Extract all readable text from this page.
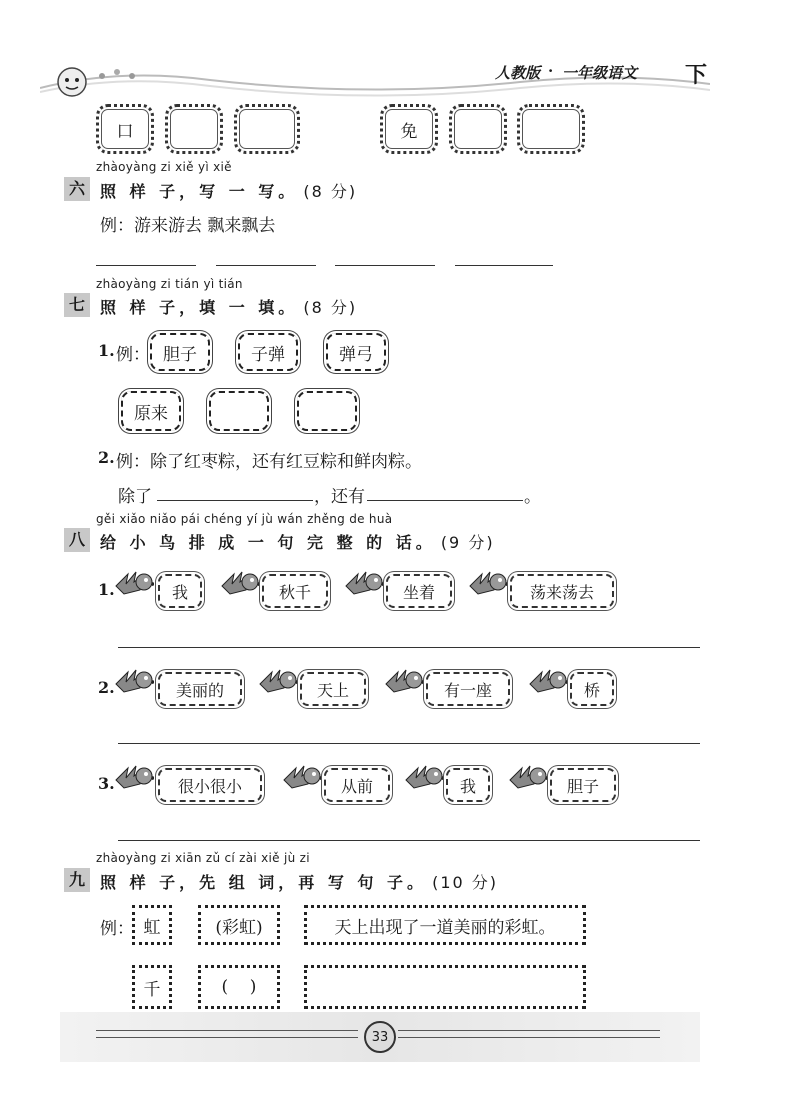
人教版 · 一年级语文 下
口	免
zhàoyàng zi xiě yì xiě
六 照 样 子，写 一 写。 (8 分)
例：游来游去 飘来飘去
zhàoyàng zi tián yì tián
七 照 样 子，填 一 填。 (8 分)
1. 例： 胆子	子弹	弹弓
原来
2. 例：除了红枣粽，还有红豆粽和鲜肉粽。
除了	，还有	。
gěi xiǎo niǎo pái chéng yí jù wán zhěng de huà
八 给 小 鸟 排 成 一 句 完 整 的 话。 (9 分)
1.	我	秋千	坐着	荡来荡去
2.	美丽的	天上	有一座	桥
3.	很小很小	从前	我	胆子
zhàoyàng zi xiān zǔ cí zài xiě jù zi
九 照 样 子，先 组 词，再 写 句 子。 (10 分)
例： 虹	(彩虹)	天上出现了一道美丽的彩虹。
千	(    )
33
